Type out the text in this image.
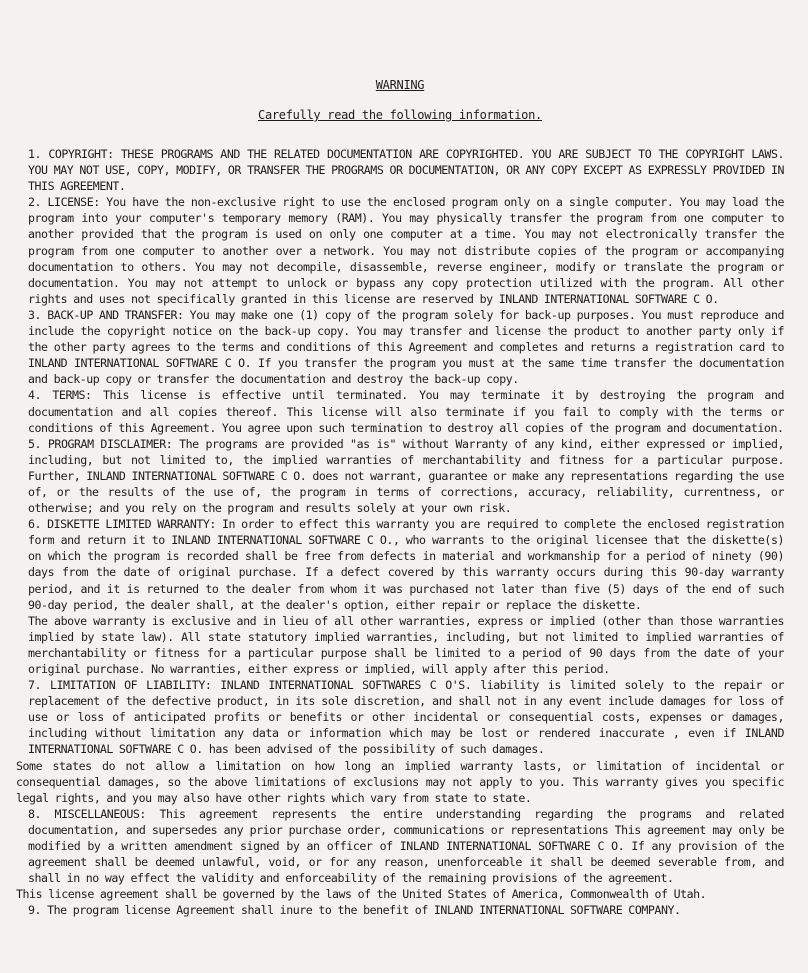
WARNING
Carefully read the following information.

1. COPYRIGHT: THESE PROGRAMS AND THE RELATED DOCUMENTATION ARE COPYRIGHTED. YOU ARE SUBJECT TO THE COPYRIGHT LAWS. YOU MAY NOT USE, COPY, MODIFY, OR TRANSFER THE PROGRAMS OR DOCUMENTATION, OR ANY COPY EXCEPT AS EXPRESSLY PROVIDED IN THIS AGREEMENT.

2. LICENSE: You have the non-exclusive right to use the enclosed program only on a single computer. You may load the program into your computer's temporary memory (RAM). You may physically transfer the program from one computer to another provided that the program is used on only one computer at a time. You may not electronically transfer the program from one computer to another over a network. You may not distribute copies of the program or accompanying documentation to others. You may not decompile, disassemble, reverse engineer, modify or translate the program or documentation. You may not attempt to unlock or bypass any copy protection utilized with the program. All other rights and uses not specifically granted in this license are reserved by INLAND INTERNATIONAL SOFTWARE C O.

3. BACK-UP AND TRANSFER: You may make one (1) copy of the program solely for back-up purposes. You must reproduce and include the copyright notice on the back-up copy. You may transfer and license the product to another party only if the other party agrees to the terms and conditions of this Agreement and completes and returns a registration card to INLAND INTERNATIONAL SOFTWARE C O. If you transfer the program you must at the same time transfer the documentation and back-up copy or transfer the documentation and destroy the back-up copy.

4. TERMS: This license is effective until terminated. You may terminate it by destroying the program and documentation and all copies thereof. This license will also terminate if you fail to comply with the terms or conditions of this Agreement. You agree upon such termination to destroy all copies of the program and documentation.

5. PROGRAM DISCLAIMER: The programs are provided "as is" without Warranty of any kind, either expressed or implied, including, but not limited to, the implied warranties of merchantability and fitness for a particular purpose. Further, INLAND INTERNATIONAL SOFTWARE C O. does not warrant, guarantee or make any representations regarding the use of, or the results of the use of, the program in terms of corrections, accuracy, reliability, currentness, or otherwise; and you rely on the program and results solely at your own risk.

6. DISKETTE LIMITED WARRANTY: In order to effect this warranty you are required to complete the enclosed registration form and return it to INLAND INTERNATIONAL SOFTWARE C O., who warrants to the original licensee that the diskette(s) on which the program is recorded shall be free from defects in material and workmanship for a period of ninety (90) days from the date of original purchase. If a defect covered by this warranty occurs during this 90-day warranty period, and it is returned to the dealer from whom it was purchased not later than five (5) days of the end of such 90-day period, the dealer shall, at the dealer's option, either repair or replace the diskette.

The above warranty is exclusive and in lieu of all other warranties, express or implied (other than those warranties implied by state law). All state statutory implied warranties, including, but not limited to implied warranties of merchantability or fitness for a particular purpose shall be limited to a period of 90 days from the date of your original purchase. No warranties, either express or implied, will apply after this period.

7. LIMITATION OF LIABILITY: INLAND INTERNATIONAL SOFTWARES C O'S. liability is limited solely to the repair or replacement of the defective product, in its sole discretion, and shall not in any event include damages for loss of use or loss of anticipated profits or benefits or other incidental or consequential costs, expenses or damages, including without limitation any data or information which may be lost or rendered inaccurate , even if INLAND INTERNATIONAL SOFTWARE C O. has been advised of the possibility of such damages.

Some states do not allow a limitation on how long an implied warranty lasts, or limitation of incidental or consequential damages, so the above limitations of exclusions may not apply to you. This warranty gives you specific legal rights, and you may also have other rights which vary from state to state.

8. MISCELLANEOUS: This agreement represents the entire understanding regarding the programs and related documentation, and supersedes any prior purchase order, communications or representations This agreement may only be modified by a written amendment signed by an officer of INLAND INTERNATIONAL SOFTWARE C O. If any provision of the agreement shall be deemed unlawful, void, or for any reason, unenforceable it shall be deemed severable from, and shall in no way effect the validity and enforceability of the remaining provisions of the agreement.

This license agreement shall be governed by the laws of the United States of America, Commonwealth of Utah.

9. The program license Agreement shall inure to the benefit of INLAND INTERNATIONAL SOFTWARE COMPANY.
